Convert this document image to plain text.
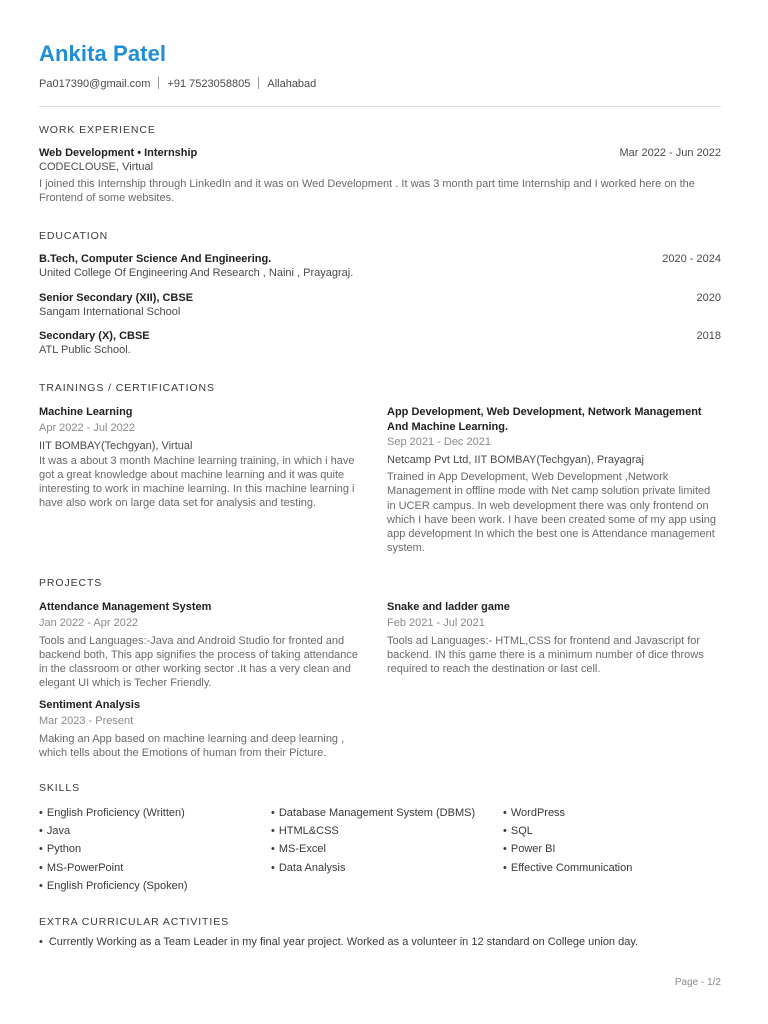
Ankita Patel
Pa017390@gmail.com +91 7523058805 Allahabad
WORK EXPERIENCE
Web Development • Internship	Mar 2022 - Jun 2022
CODECLOUSE, Virtual
I joined this Internship through LinkedIn and it was on Wed Development . It was 3 month part time Internship and I worked here on the Frontend of some websites.
EDUCATION
B.Tech, Computer Science And Engineering.	2020 - 2024
United College Of Engineering And Research , Naini , Prayagraj.
Senior Secondary (XII), CBSE	2020
Sangam International School
Secondary (X), CBSE	2018
ATL Public School.
TRAININGS / CERTIFICATIONS
Machine Learning
Apr 2022 - Jul 2022
IIT BOMBAY(Techgyan), Virtual
It was a about 3 month Machine learning training, in which i have got a great knowledge about machine learning and it was quite interesting to work in machine learning. In this machine learning i have also work on large data set for analysis and testing.
App Development, Web Development, Network Management And Machine Learning.
Sep 2021 - Dec 2021
Netcamp Pvt Ltd, IIT BOMBAY(Techgyan), Prayagraj
Trained in App Development, Web Development ,Network Management in offline mode with Net camp solution private limited in UCER campus. In web development there was only frontend on which I have been work. I have been created some of my app using app development In which the best one is Attendance management system.
PROJECTS
Attendance Management System
Jan 2022 - Apr 2022
Tools and Languages:-Java and Android Studio for fronted and backend both, This app signifies the process of taking attendance in the classroom or other working sector .It has a very clean and elegant UI which is Techer Friendly.
Snake and ladder game
Feb 2021 - Jul 2021
Tools ad Languages:- HTML,CSS for frontend and Javascript for backend. IN this game there is a minimum number of dice throws required to reach the destination or last cell.
Sentiment Analysis
Mar 2023 - Present
Making an App based on machine learning and deep learning , which tells about the Emotions of human from their Picture.
SKILLS
• English Proficiency (Written)
• Java
• Python
• MS-PowerPoint
• English Proficiency (Spoken)
• Database Management System (DBMS)
• HTML&CSS
• MS-Excel
• Data Analysis
• WordPress
• SQL
• Power BI
• Effective Communication
EXTRA CURRICULAR ACTIVITIES
• Currently Working as a Team Leader in my final year project. Worked as a volunteer in 12 standard on College union day.
Page - 1/2
